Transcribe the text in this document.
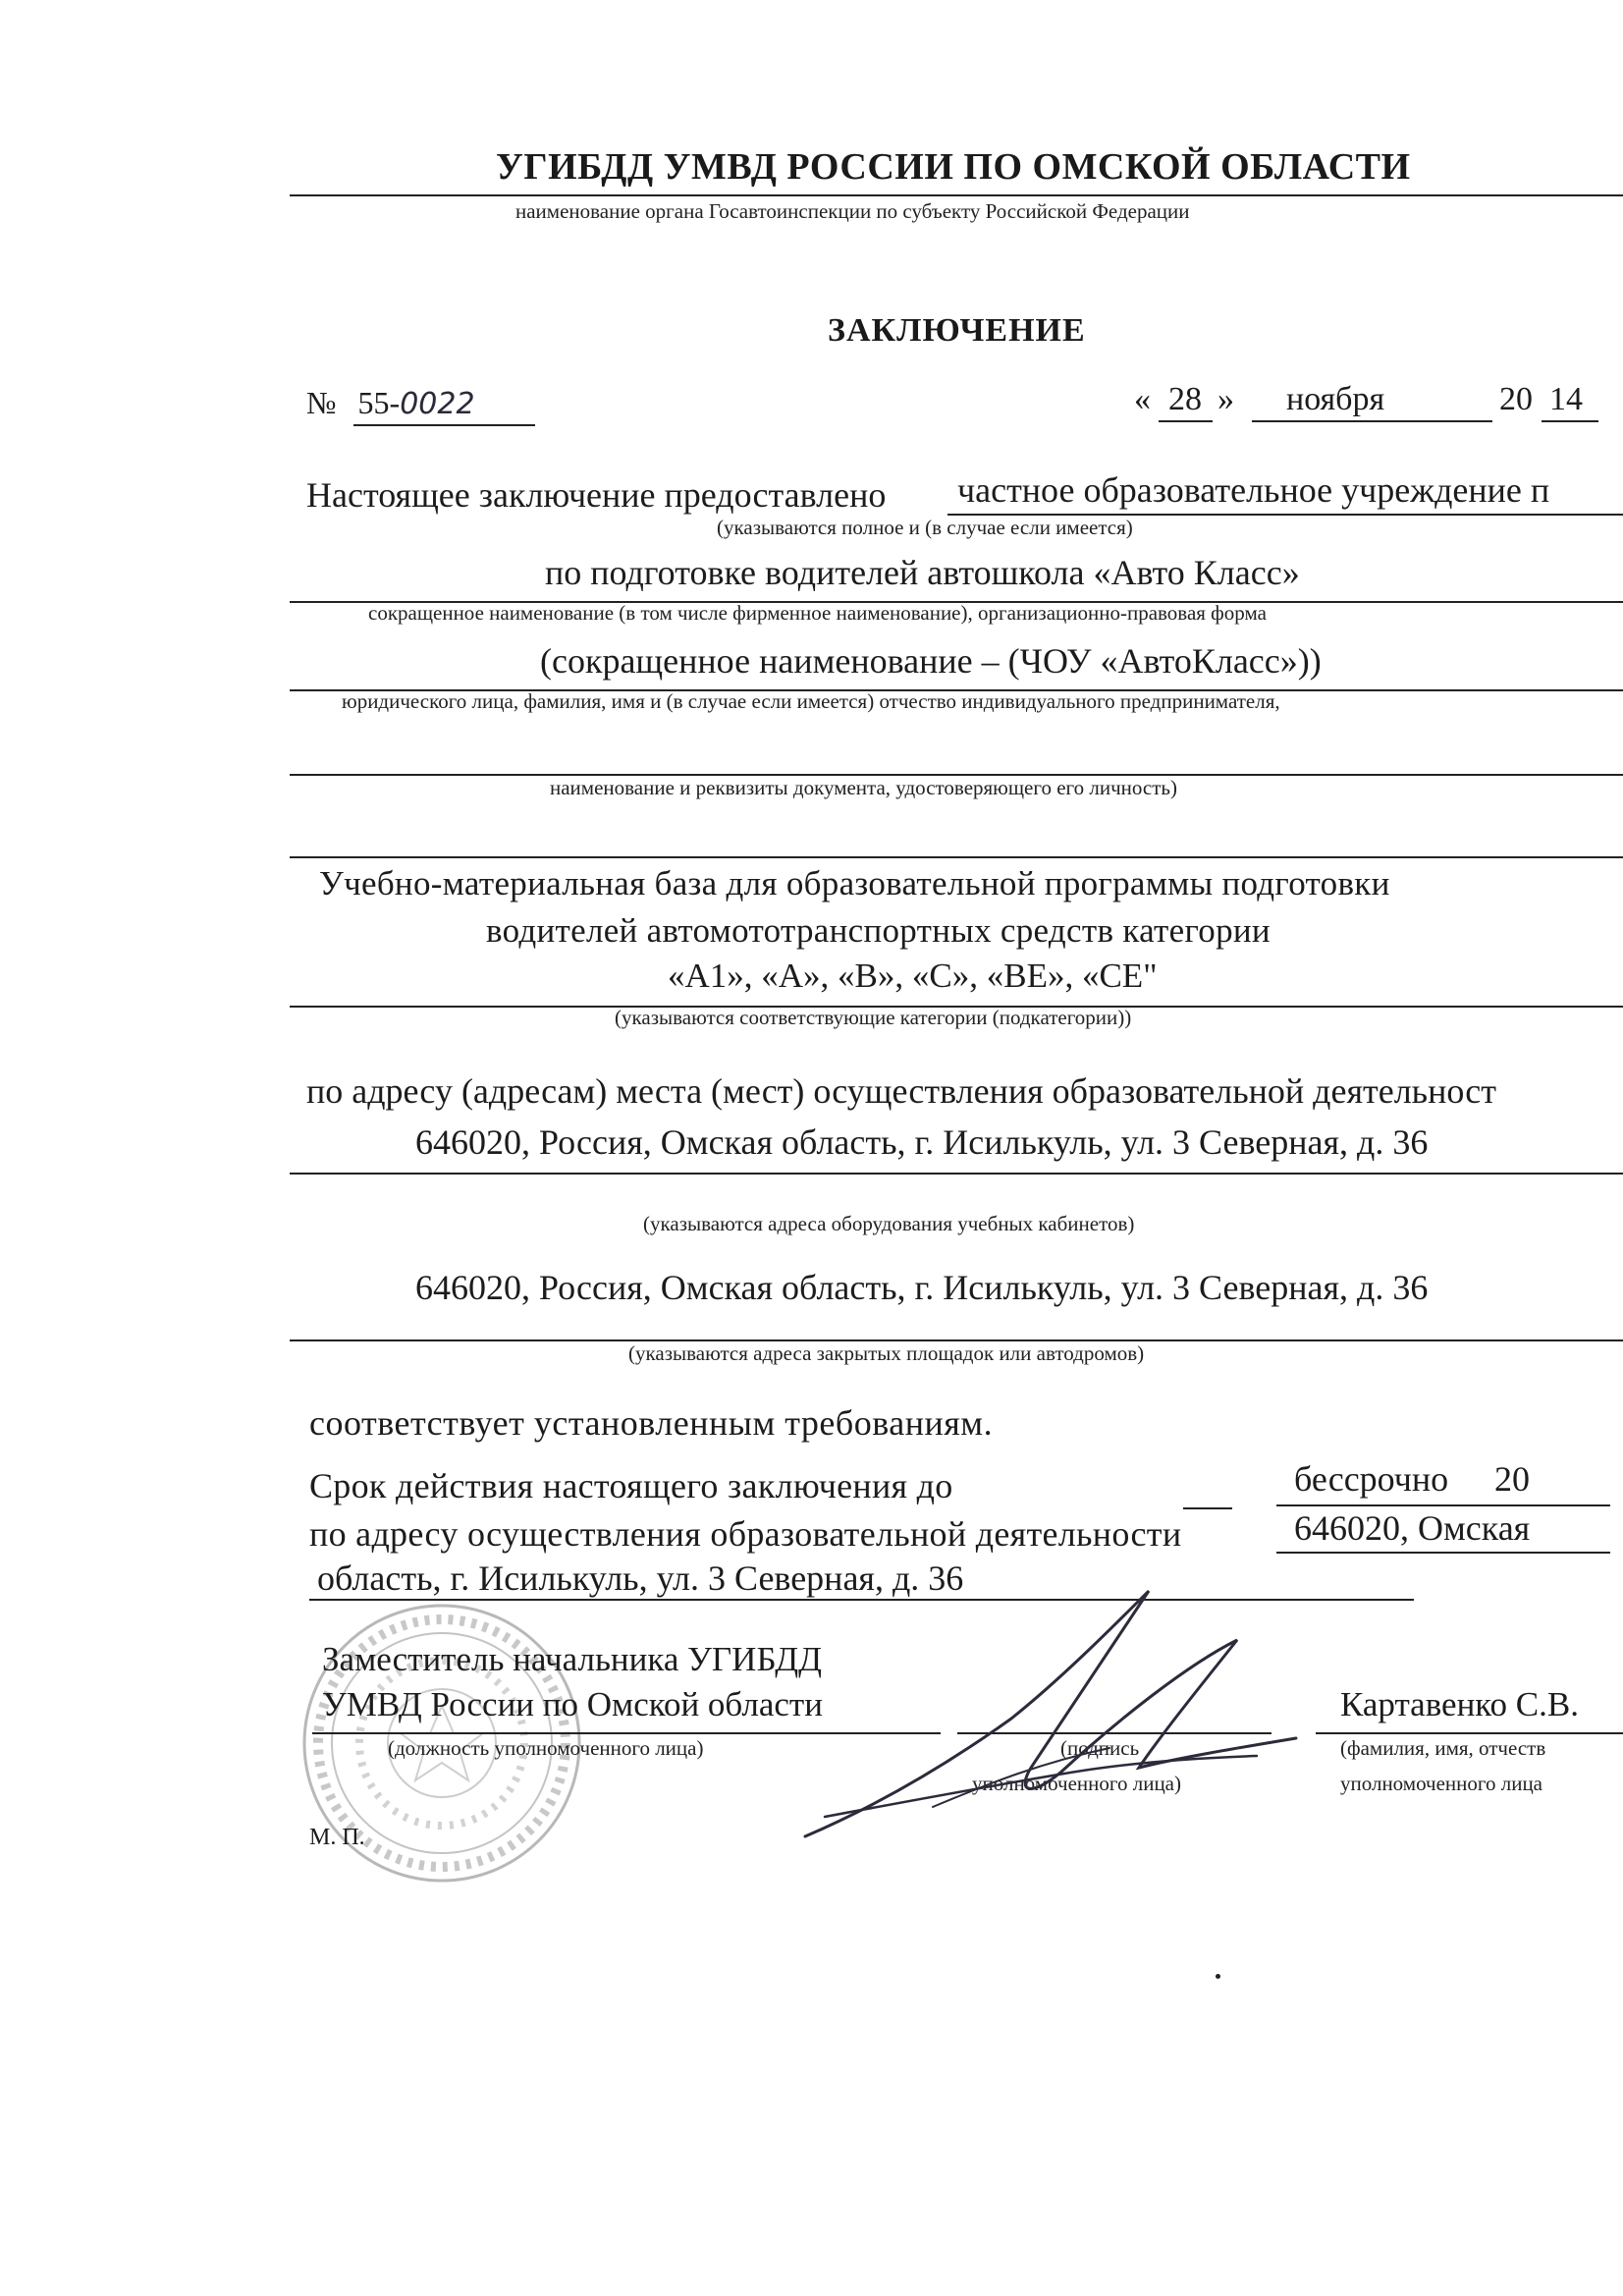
УГИБДД УМВД РОССИИ ПО ОМСКОЙ ОБЛАСТИ
наименование органа Госавтоинспекции по субъекту Российской Федерации
ЗАКЛЮЧЕНИЕ
№ 55-0022	« 28 » ноября	20 14
Настоящее заключение предоставлено частное образовательное учреждение п
(указываются полное и (в случае если имеется)
по подготовке водителей автошкола «Авто Класс»
сокращенное наименование (в том числе фирменное наименование), организационно-правовая форма
(сокращенное наименование – (ЧОУ «АвтоКласс»))
юридического лица, фамилия, имя и (в случае если имеется) отчество индивидуального предпринимателя,
наименование и реквизиты документа, удостоверяющего его личность)
Учебно-материальная база для образовательной программы подготовки
водителей автомототранспортных средств категории
«А1», «А», «В», «С», «ВЕ», «СЕ"
(указываются соответствующие категории (подкатегории))
по адресу (адресам) места (мест) осуществления образовательной деятельност
646020, Россия, Омская область, г. Исилькуль, ул. 3 Северная, д. 36
(указываются адреса оборудования учебных кабинетов)
646020, Россия, Омская область, г. Исилькуль, ул. 3 Северная, д. 36
(указываются адреса закрытых площадок или автодромов)
соответствует установленным требованиям.
Срок действия настоящего заключения до	бессрочно 20
по адресу осуществления образовательной деятельности	646020, Омская
область, г. Исилькуль, ул. 3 Северная, д. 36
Заместитель начальника УГИБДД
УМВД России по Омской области
(должность уполномоченного лица)	(подпись
уполномоченного лица)
Картавенко С.В.
(фамилия, имя, отчеств
уполномоченного лица
М. П.
